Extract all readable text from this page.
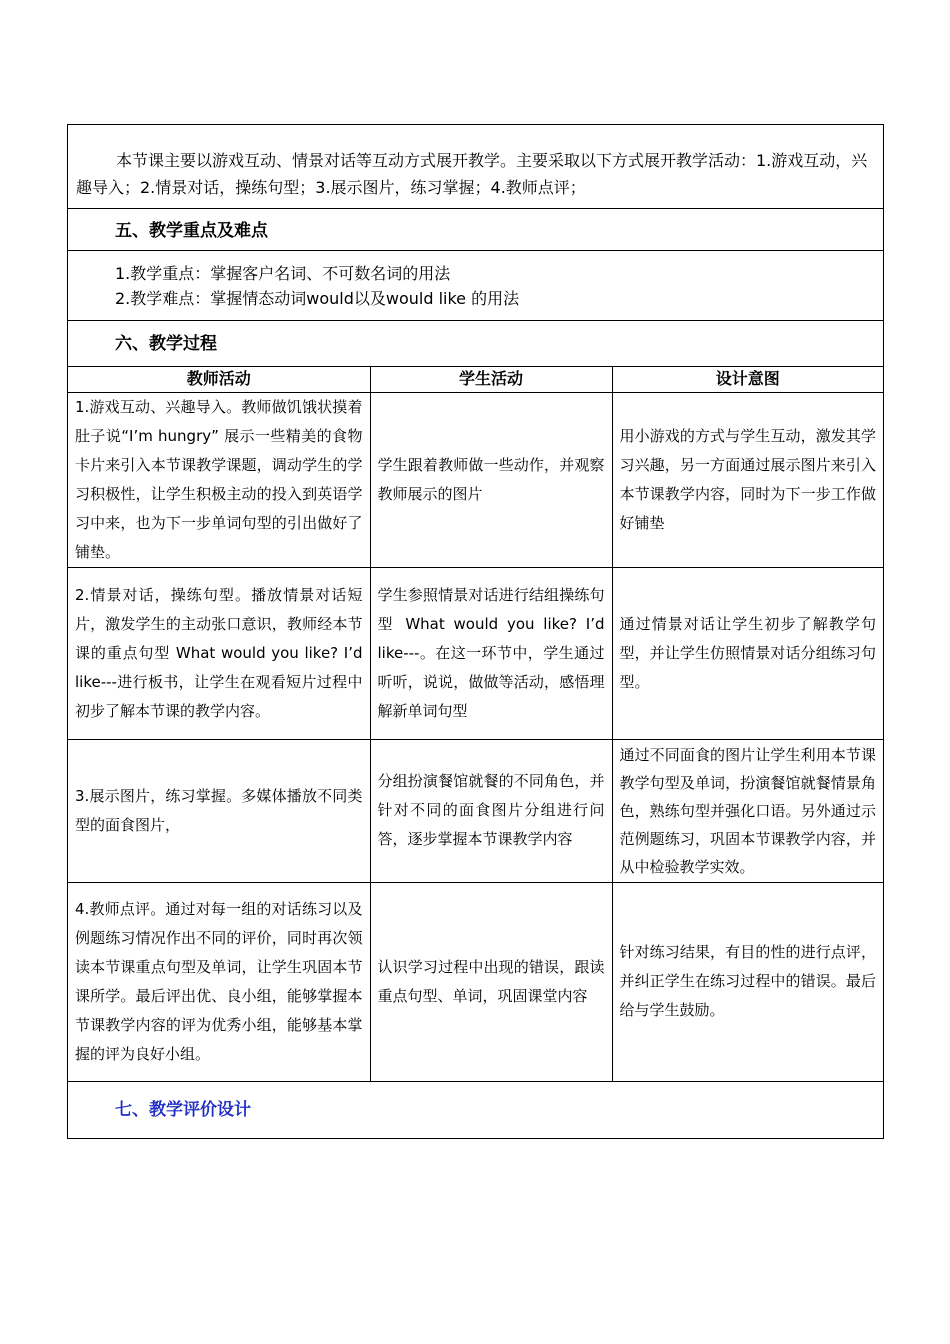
本节课主要以游戏互动、情景对话等互动方式展开教学。主要采取以下方式展开教学活动：1.游戏互动，兴趣导入；2.情景对话，操练句型；3.展示图片，练习掌握；4.教师点评；

五、教学重点及难点
1.教学重点：掌握客户名词、不可数名词的用法
2.教学难点：掌握情态动词would以及would like 的用法
六、教学过程
教师活动	学生活动	设计意图
1.游戏互动、兴趣导入。教师做饥饿状摸着肚子说“I’m hungry” 展示一些精美的食物卡片来引入本节课教学课题，调动学生的学习积极性，让学生积极主动的投入到英语学习中来，也为下一步单词句型的引出做好了铺垫。	学生跟着教师做一些动作，并观察教师展示的图片	用小游戏的方式与学生互动，激发其学习兴趣，另一方面通过展示图片来引入本节课教学内容，同时为下一步工作做好铺垫
2.情景对话，操练句型。播放情景对话短片，激发学生的主动张口意识，教师经本节课的重点句型 What would you like? I’d like---进行板书，让学生在观看短片过程中初步了解本节课的教学内容。	学生参照情景对话进行结组操练句型 What would you like? I’d like---。在这一环节中，学生通过听听，说说，做做等活动，感悟理解新单词句型	通过情景对话让学生初步了解教学句型，并让学生仿照情景对话分组练习句型。
3.展示图片，练习掌握。多媒体播放不同类型的面食图片，	分组扮演餐馆就餐的不同角色，并针对不同的面食图片分组进行问答，逐步掌握本节课教学内容	通过不同面食的图片让学生利用本节课教学句型及单词，扮演餐馆就餐情景角色，熟练句型并强化口语。另外通过示范例题练习，巩固本节课教学内容，并从中检验教学实效。
4.教师点评。通过对每一组的对话练习以及例题练习情况作出不同的评价，同时再次领读本节课重点句型及单词，让学生巩固本节课所学。最后评出优、良小组，能够掌握本节课教学内容的评为优秀小组，能够基本掌握的评为良好小组。	认识学习过程中出现的错误，跟读重点句型、单词，巩固课堂内容	针对练习结果，有目的性的进行点评，并纠正学生在练习过程中的错误。最后给与学生鼓励。
七、教学评价设计
